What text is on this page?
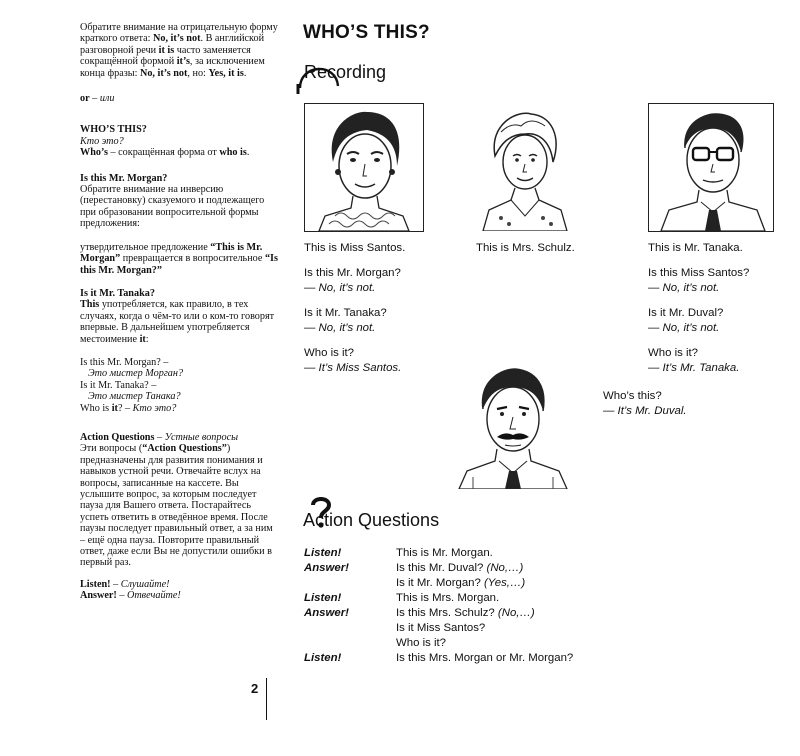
Обратите внимание на отрицательную форму краткого ответа: No, it’s not. В английской разговорной речи it is часто заменяется сокращённой формой it’s, за исключением конца фразы: No, it’s not, но: Yes, it is.

or – или

WHO’S THIS?
Кто это?
Who’s – сокращённая форма от who is.

Is this Mr. Morgan?
Обратите внимание на инверсию (перестановку) сказуемого и подлежащего при образовании вопросительной формы предложения:

утвердительное предложение “This is Mr. Morgan” превращается в вопросительное “Is this Mr. Morgan?”

Is it Mr. Tanaka?
This употребляется, как правило, в тех случаях, когда о чём-то или о ком-то говорят впервые. В дальнейшем употребляется местоимение it:

Is this Mr. Morgan? –
Это мистер Морган?
Is it Mr. Tanaka? –
Это мистер Танака?
Who is it? – Кто это?

Action Questions – Устные вопросы
Эти вопросы (“Action Questions”) предназначены для развития понимания и навыков устной речи. Отвечайте вслух на вопросы, записанные на кассете. Вы услышите вопрос, за которым последует пауза для Вашего ответа. Постарайтесь успеть ответить в отведённое время. После паузы последует правильный ответ, а за ним – ещё одна пауза. Повторите правильный ответ, даже если Вы не допустили ошибки в первый раз.

Listen! – Слушайте!
Answer! – Отвечайте!

WHO’S THIS?
Recording
This is Miss Santos.
Is this Mr. Morgan?
— No, it’s not.
Is it Mr. Tanaka?
— No, it’s not.
Who is it?
— It’s Miss Santos.
This is Mrs. Schulz.	This is Mr. Tanaka.
Is this Miss Santos?
— No, it’s not.
Is it Mr. Duval?
— No, it’s not.
Who is it?
— It’s Mr. Tanaka.
Who’s this?
— It’s Mr. Duval.
Action Questions
Listen!	This is Mr. Morgan.
Answer!	Is this Mr. Duval? (No,…)
	Is it Mr. Morgan? (Yes,…)
Listen!	This is Mrs. Morgan.
Answer!	Is this Mrs. Schulz? (No,…)
	Is it Miss Santos?
	Who is it?
Listen!	Is this Mrs. Morgan or Mr. Morgan?
2
